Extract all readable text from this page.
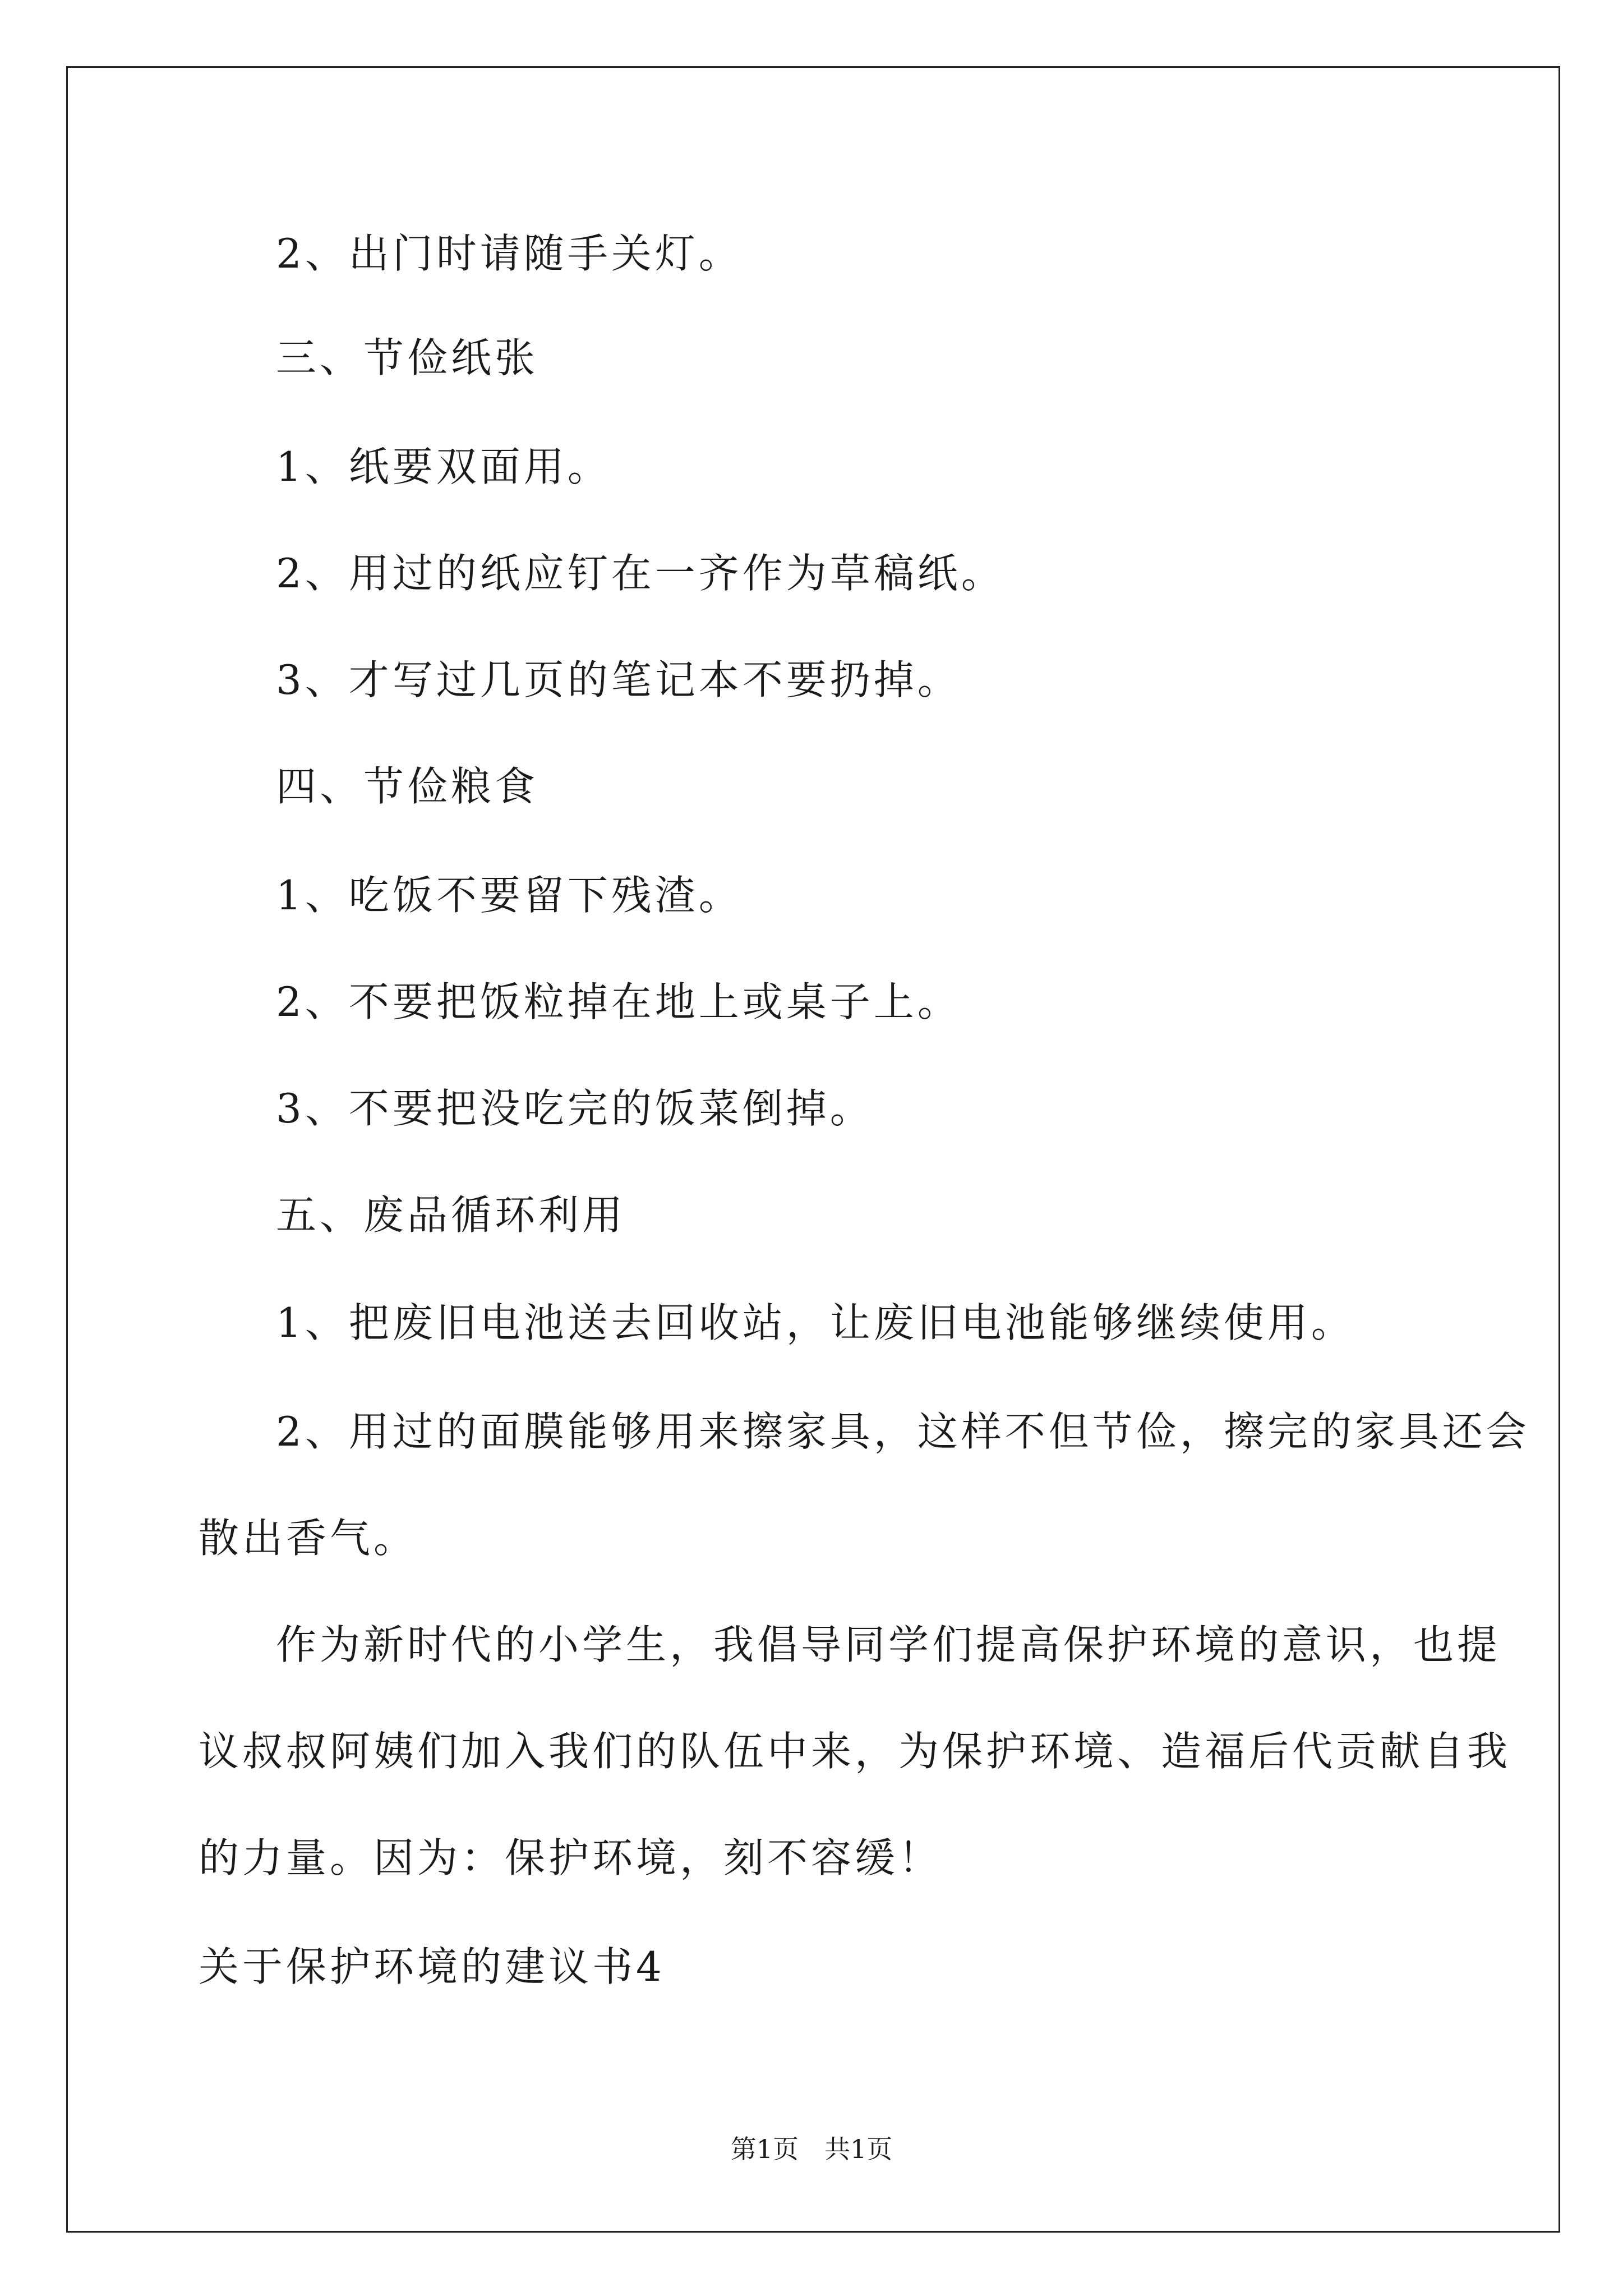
2、出门时请随手关灯。
三、节俭纸张
1、纸要双面用。
2、用过的纸应钉在一齐作为草稿纸。
3、才写过几页的笔记本不要扔掉。
四、节俭粮食
1、吃饭不要留下残渣。
2、不要把饭粒掉在地上或桌子上。
3、不要把没吃完的饭菜倒掉。
五、废品循环利用
1、把废旧电池送去回收站，让废旧电池能够继续使用。
2、用过的面膜能够用来擦家具，这样不但节俭，擦完的家具还会
散出香气。
作为新时代的小学生，我倡导同学们提高保护环境的意识，也提
议叔叔阿姨们加入我们的队伍中来，为保护环境、造福后代贡献自我
的力量。因为：保护环境，刻不容缓！
关于保护环境的建议书4
第1页 共1页
